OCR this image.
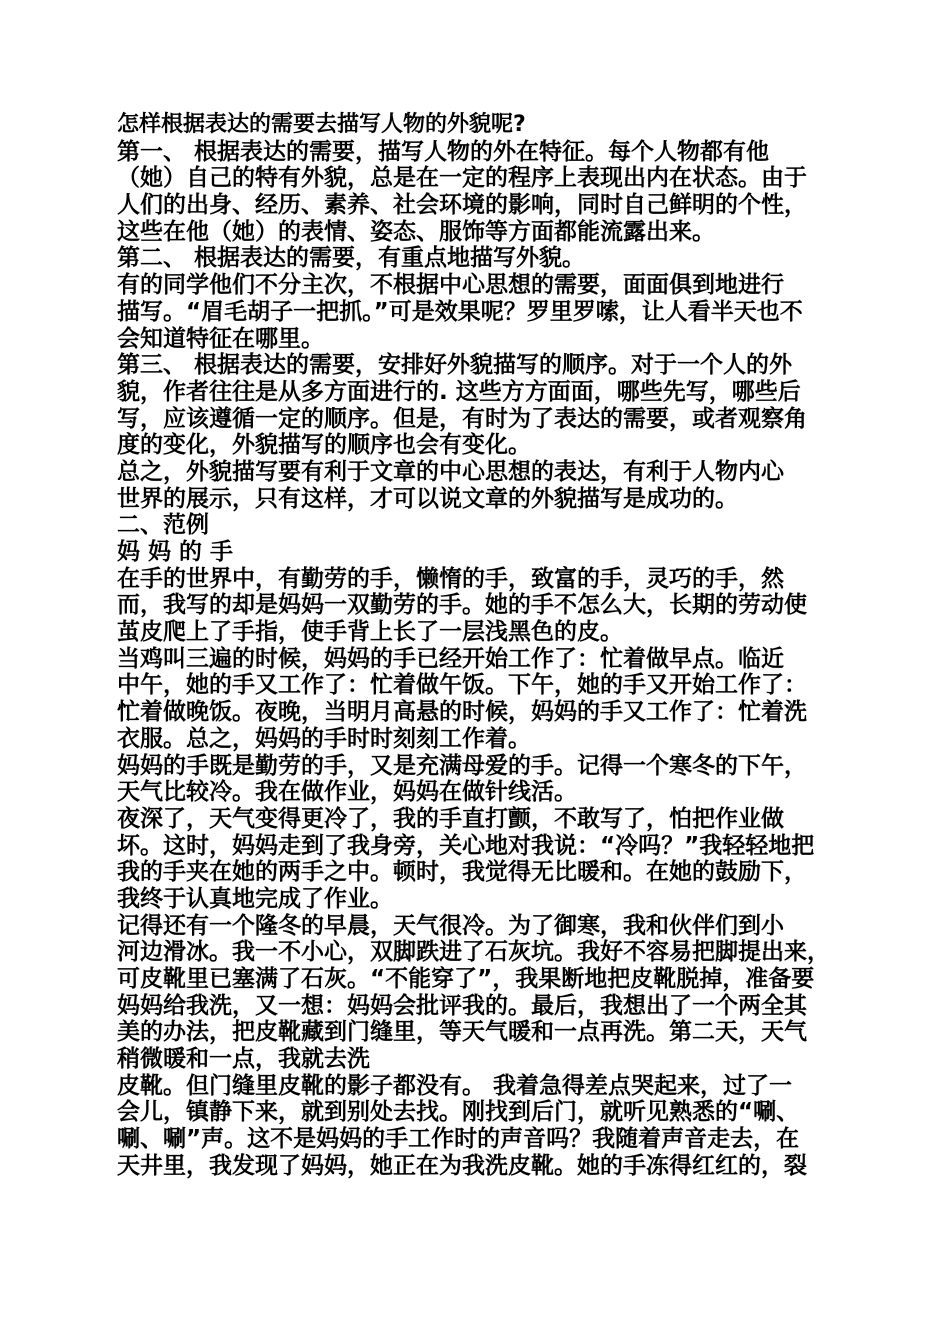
怎样根据表达的需要去描写人物的外貌呢?
第一、 根据表达的需要，描写人物的外在特征。每个人物都有他
（她）自己的特有外貌，总是在一定的程序上表现出内在状态。由于
人们的出身、经历、素养、社会环境的影响，同时自己鲜明的个性，
这些在他（她）的表情、姿态、服饰等方面都能流露出来。
第二、 根据表达的需要，有重点地描写外貌。
有的同学他们不分主次，不根据中心思想的需要，面面俱到地进行
描写。“眉毛胡子一把抓。”可是效果呢？罗里罗嗦，让人看半天也不
会知道特征在哪里。
第三、 根据表达的需要，安排好外貌描写的顺序。对于一个人的外
貌，作者往往是从多方面进行的. 这些方方面面，哪些先写，哪些后
写，应该遵循一定的顺序。但是，有时为了表达的需要，或者观察角
度的变化，外貌描写的顺序也会有变化。
总之，外貌描写要有利于文章的中心思想的表达，有利于人物内心
世界的展示，只有这样，才可以说文章的外貌描写是成功的。
二、范例
妈 妈 的 手
在手的世界中，有勤劳的手，懒惰的手，致富的手，灵巧的手，然
而，我写的却是妈妈一双勤劳的手。她的手不怎么大，长期的劳动使
茧皮爬上了手指，使手背上长了一层浅黑色的皮。
当鸡叫三遍的时候，妈妈的手已经开始工作了：忙着做早点。临近
中午，她的手又工作了：忙着做午饭。下午，她的手又开始工作了：
忙着做晚饭。夜晚，当明月高悬的时候，妈妈的手又工作了：忙着洗
衣服。总之，妈妈的手时时刻刻工作着。
妈妈的手既是勤劳的手，又是充满母爱的手。记得一个寒冬的下午，
天气比较冷。我在做作业，妈妈在做针线活。
夜深了，天气变得更冷了，我的手直打颤，不敢写了，怕把作业做
坏。这时，妈妈走到了我身旁，关心地对我说：“冷吗？”我轻轻地把
我的手夹在她的两手之中。顿时，我觉得无比暖和。在她的鼓励下，
我终于认真地完成了作业。
记得还有一个隆冬的早晨，天气很冷。为了御寒，我和伙伴们到小
河边滑冰。我一不小心，双脚跌进了石灰坑。我好不容易把脚提出来，
可皮靴里已塞满了石灰。“不能穿了”，我果断地把皮靴脱掉，准备要
妈妈给我洗，又一想：妈妈会批评我的。最后，我想出了一个两全其
美的办法，把皮靴藏到门缝里，等天气暖和一点再洗。第二天，天气
稍微暖和一点，我就去洗
皮靴。但门缝里皮靴的影子都没有。 我着急得差点哭起来，过了一
会儿，镇静下来，就到别处去找。刚找到后门，就听见熟悉的“唰、
唰、唰”声。这不是妈妈的手工作时的声音吗？我随着声音走去，在
天井里，我发现了妈妈，她正在为我洗皮靴。她的手冻得红红的，裂
